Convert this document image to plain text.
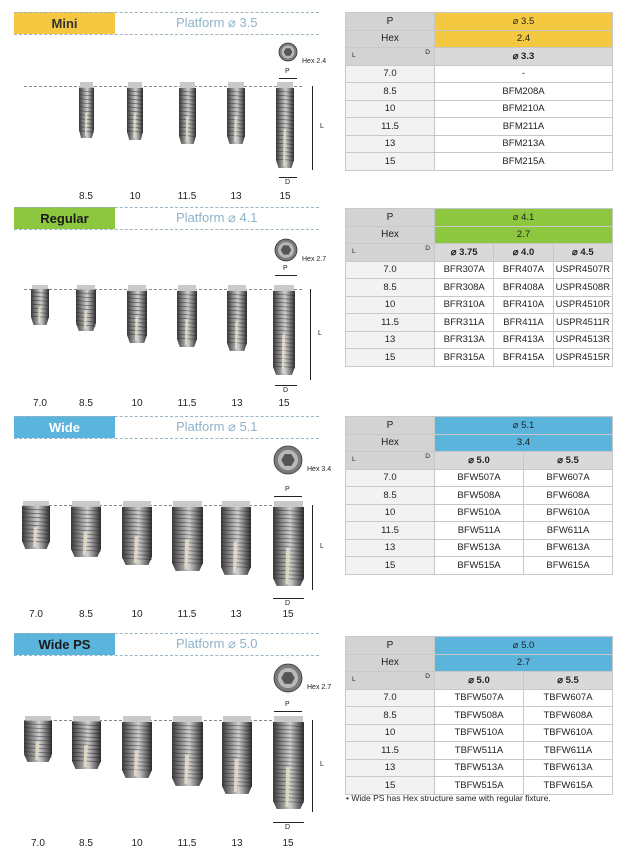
Mini	Platform ⌀ 3.5
8.5	10	11.5	13	15
Hex 2.4
P
L
D
P	⌀ 3.5
Hex	2.4

L D	⌀ 3.3
7.0	-
8.5	BFM208A
10	BFM210A
11.5	BFM211A
13	BFM213A
15	BFM215A
Regular	Platform ⌀ 4.1
7.0	8.5	10	11.5	13	15
Hex 2.7
P
L
D
P	⌀ 4.1		
Hex	2.7		

L D	⌀ 3.75	⌀ 4.0	⌀ 4.5
7.0	BFR307A	BFR407A	USPR4507R
8.5	BFR308A	BFR408A	USPR4508R
10	BFR310A	BFR410A	USPR4510R
11.5	BFR311A	BFR411A	USPR4511R
13	BFR313A	BFR413A	USPR4513R
15	BFR315A	BFR415A	USPR4515R
Wide	Platform ⌀ 5.1
7.0	8.5	10	11.5	13	15
Hex 3.4
P
L
D
P	⌀ 5.1	
Hex	3.4	

L D	⌀ 5.0	⌀ 5.5
7.0	BFW507A	BFW607A
8.5	BFW508A	BFW608A
10	BFW510A	BFW610A
11.5	BFW511A	BFW611A
13	BFW513A	BFW613A
15	BFW515A	BFW615A
Wide PS	Platform ⌀ 5.0
7.0	8.5	10	11.5	13	15
Hex 2.7
P
L
D
P	⌀ 5.0	
Hex	2.7	

L D	⌀ 5.0	⌀ 5.5
7.0	TBFW507A	TBFW607A
8.5	TBFW508A	TBFW608A
10	TBFW510A	TBFW610A
11.5	TBFW511A	TBFW611A
13	TBFW513A	TBFW613A
15	TBFW515A	TBFW615A
• Wide PS has Hex structure same with regular fixture.
